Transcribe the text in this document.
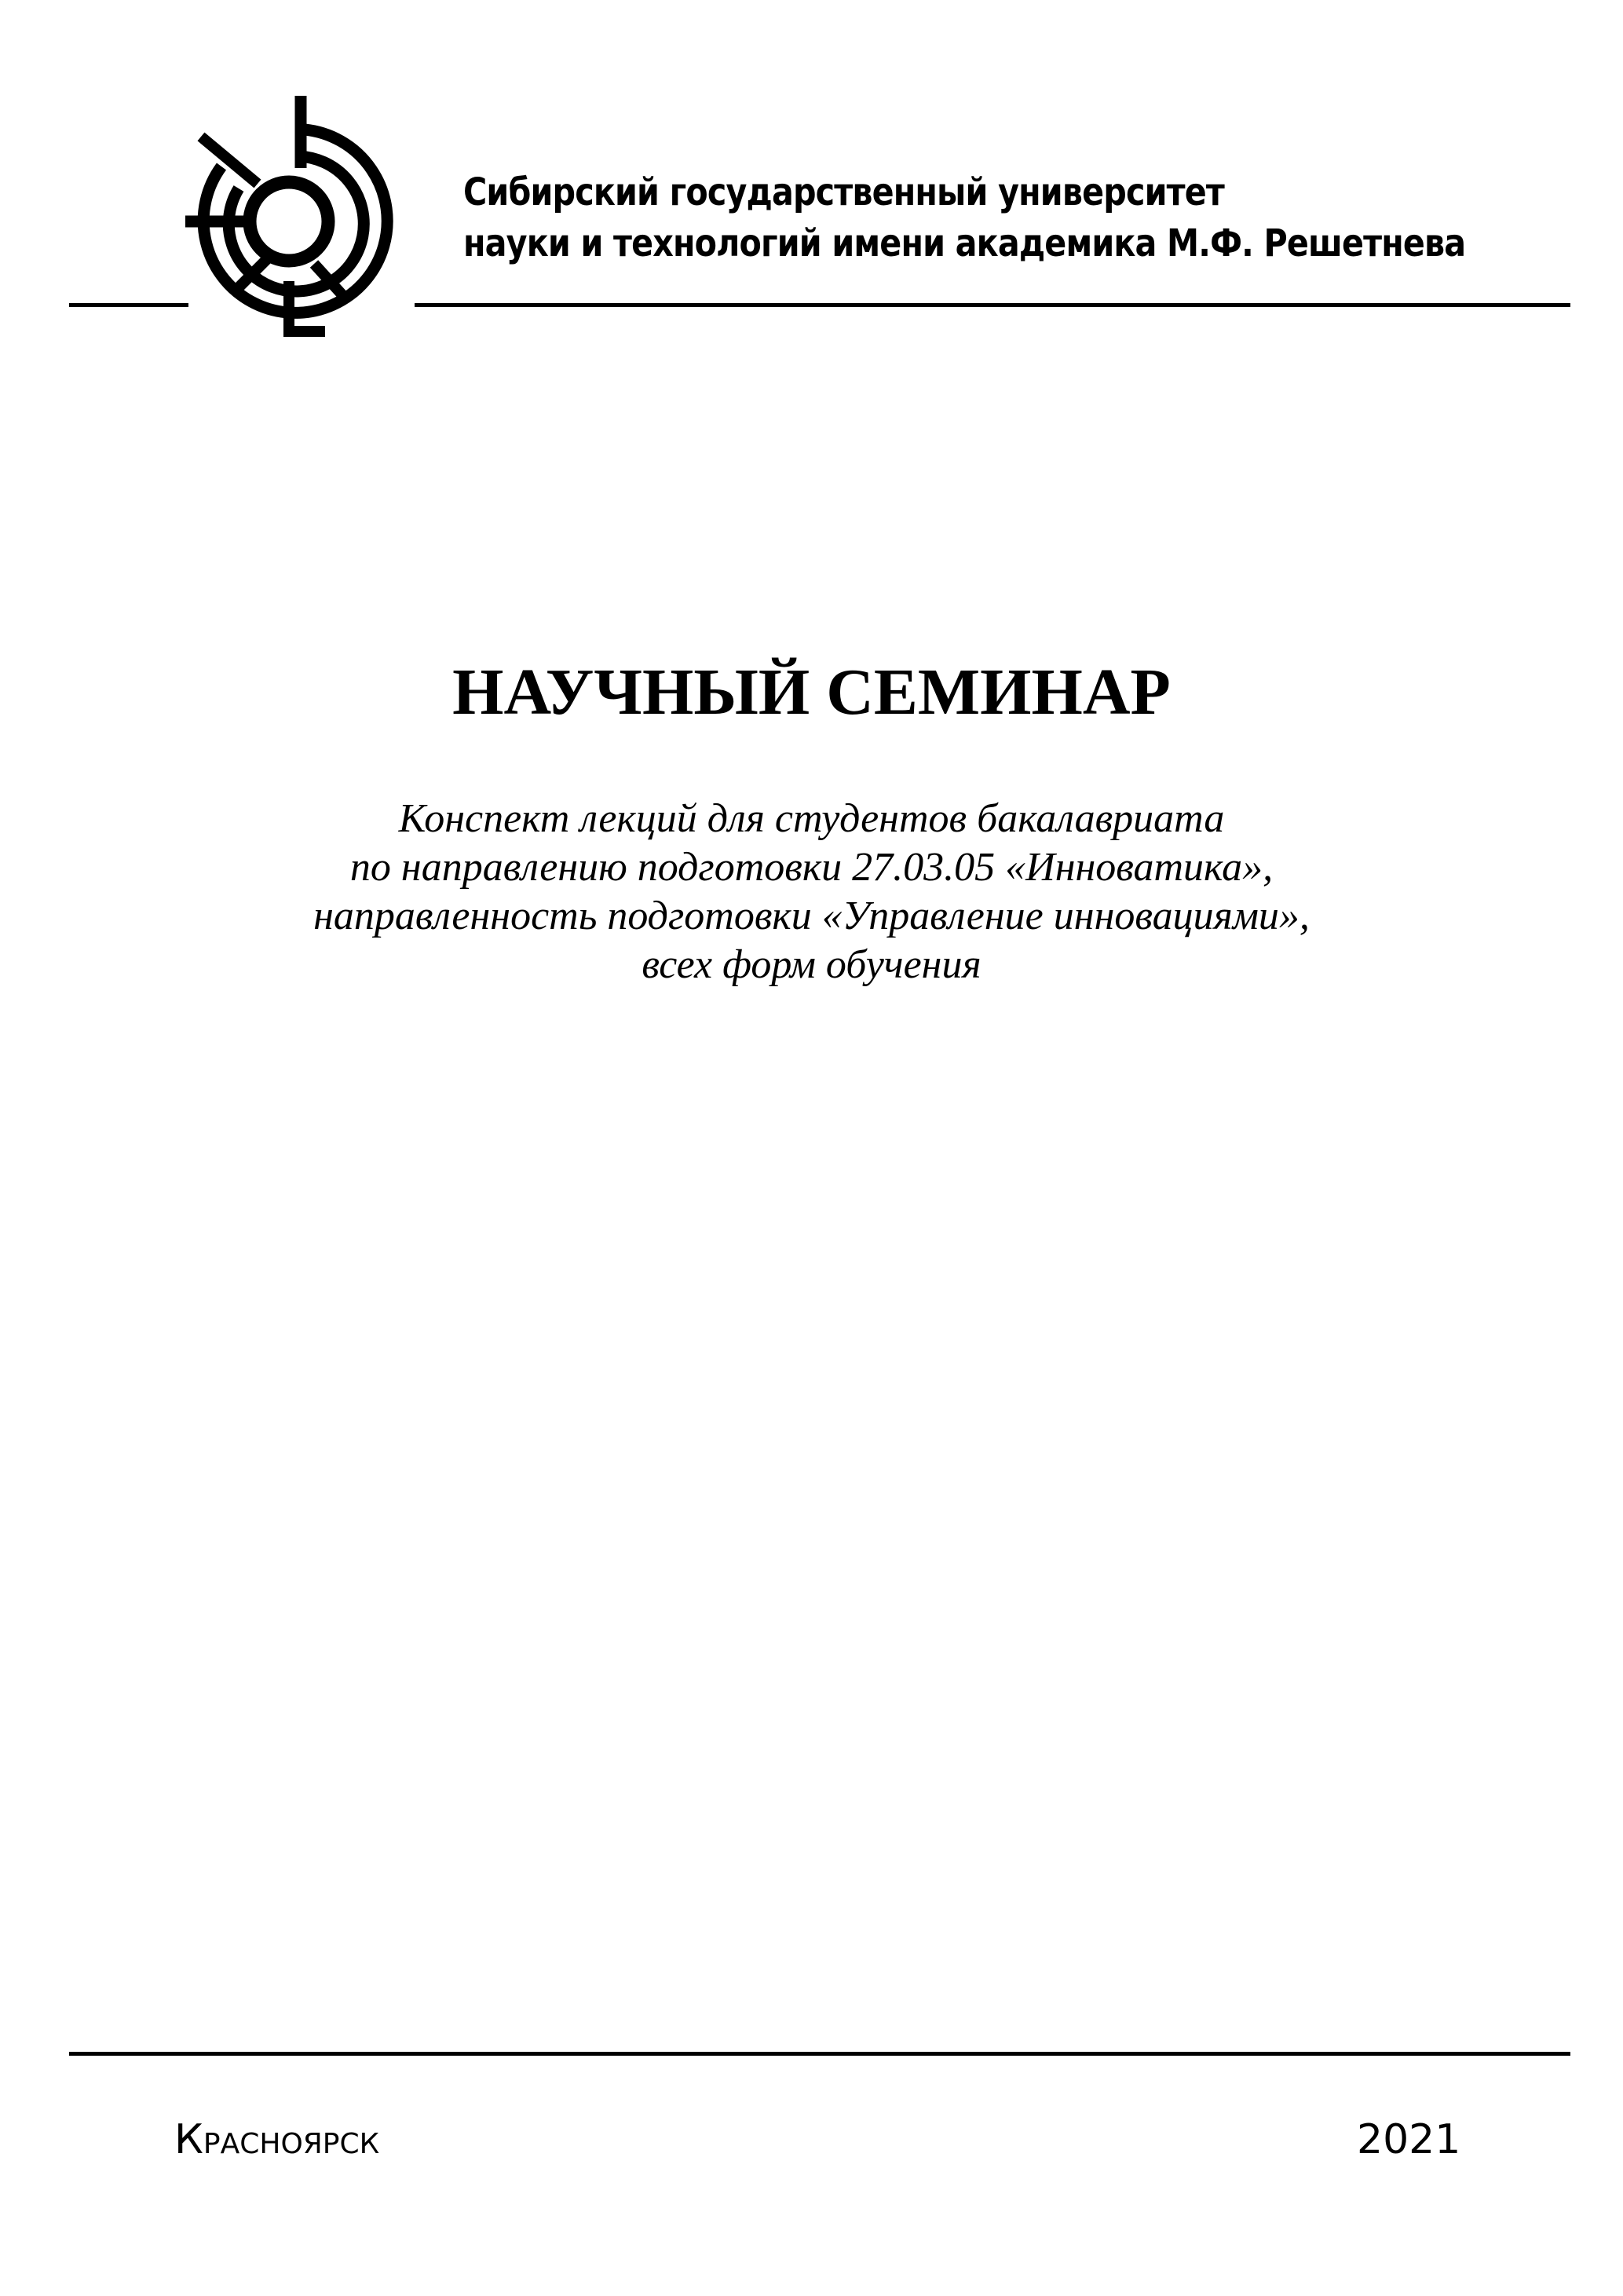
Сибирский государственный университет
науки и технологий имени академика М.Ф. Решетнева
НАУЧНЫЙ СЕМИНАР
Конспект лекций для студентов бакалавриата
по направлению подготовки 27.03.05 «Инноватика»,
направленность подготовки «Управление инновациями»,
всех форм обучения
Красноярск	2021
